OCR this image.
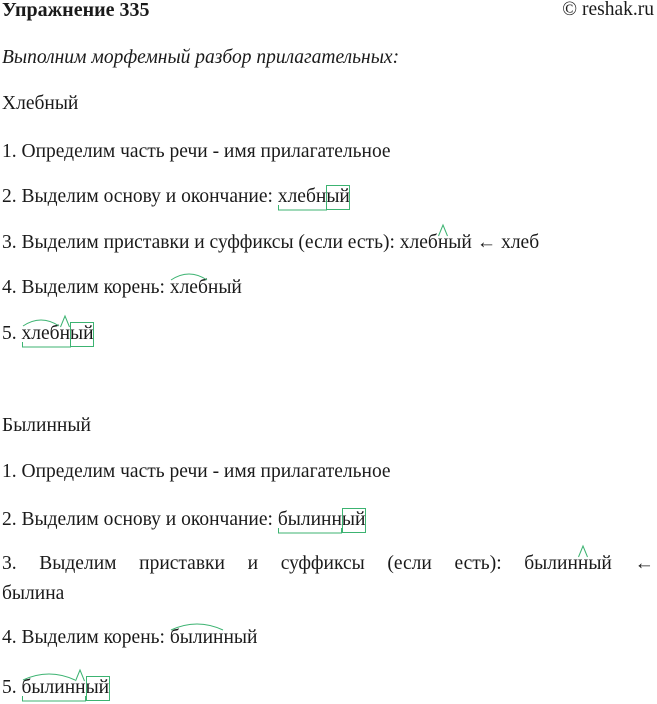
Упражнение 335	© reshak.ru
Выполним морфемный разбор прилагательных:
Хлебный
1. Определим часть речи - имя прилагательное
2. Выделим основу и окончание: хлебн
ый
3. Выделим приставки и суффиксы (если есть): хлебн
ый ← хлеб
4. Выделим корень: хлеб
ный
5. хлеб
н
ый
Былинный
1. Определим часть речи - имя прилагательное
2. Выделим основу и окончание: былинн
ый
3. Выделим приставки и суффиксы (если есть): былинн
ый ←
былина
4. Выделим корень: былин
ный
5. былин
н
ый
